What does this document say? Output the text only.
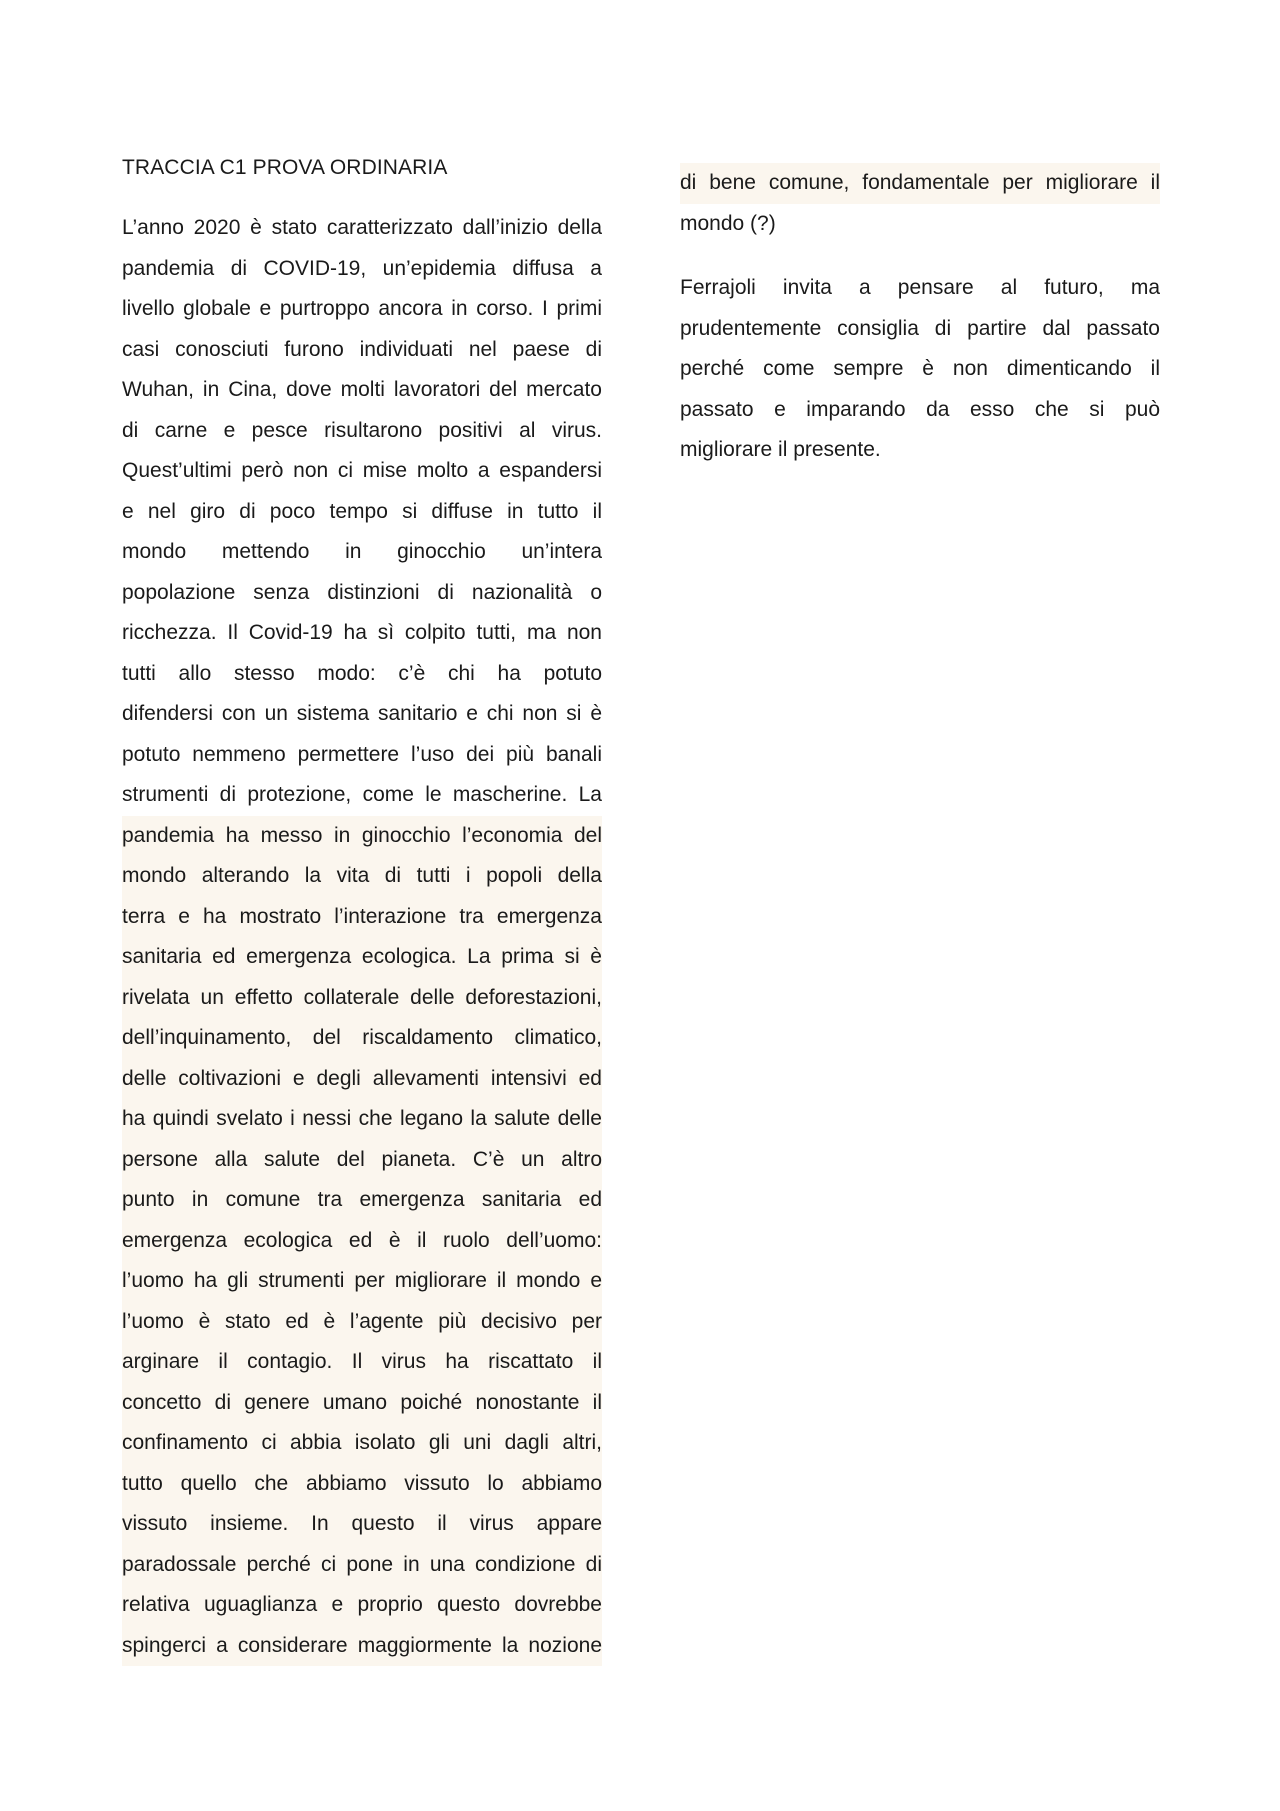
TRACCIA C1 PROVA ORDINARIA
L’anno 2020 è stato caratterizzato dall’inizio della
pandemia di COVID-19, un’epidemia diffusa a
livello globale e purtroppo ancora in corso. I primi
casi conosciuti furono individuati nel paese di
Wuhan, in Cina, dove molti lavoratori del mercato
di carne e pesce risultarono positivi al virus.
Quest’ultimi però non ci mise molto a espandersi
e nel giro di poco tempo si diffuse in tutto il
mondo mettendo in ginocchio un’intera
popolazione senza distinzioni di nazionalità o
ricchezza. Il Covid-19 ha sì colpito tutti, ma non
tutti allo stesso modo: c’è chi ha potuto
difendersi con un sistema sanitario e chi non si è
potuto nemmeno permettere l’uso dei più banali
strumenti di protezione, come le mascherine. La
pandemia ha messo in ginocchio l’economia del
mondo alterando la vita di tutti i popoli della
terra e ha mostrato l’interazione tra emergenza
sanitaria ed emergenza ecologica. La prima si è
rivelata un effetto collaterale delle deforestazioni,
dell’inquinamento, del riscaldamento climatico,
delle coltivazioni e degli allevamenti intensivi ed
ha quindi svelato i nessi che legano la salute delle
persone alla salute del pianeta. C’è un altro
punto in comune tra emergenza sanitaria ed
emergenza ecologica ed è il ruolo dell’uomo:
l’uomo ha gli strumenti per migliorare il mondo e
l’uomo è stato ed è l’agente più decisivo per
arginare il contagio. Il virus ha riscattato il
concetto di genere umano poiché nonostante il
confinamento ci abbia isolato gli uni dagli altri,
tutto quello che abbiamo vissuto lo abbiamo
vissuto insieme. In questo il virus appare
paradossale perché ci pone in una condizione di
relativa uguaglianza e proprio questo dovrebbe
spingerci a considerare maggiormente la nozione
di bene comune, fondamentale per migliorare il
mondo (?)
Ferrajoli invita a pensare al futuro, ma
prudentemente consiglia di partire dal passato
perché come sempre è non dimenticando il
passato e imparando da esso che si può
migliorare il presente.
